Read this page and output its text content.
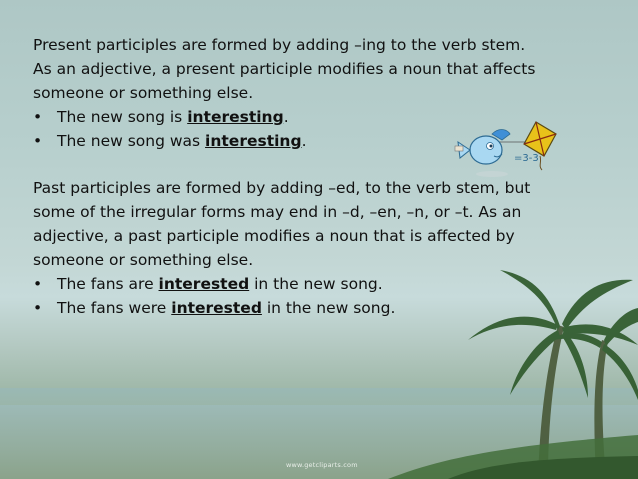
Present participles are formed by adding –ing to the verb stem.
As an adjective, a present participle modifies a noun that affects
someone or something else.
• The new song is interesting.
• The new song was interesting.
Past participles are formed by adding –ed, to the verb stem, but
some of the irregular forms may end in –d, –en, –n, or –t. As an
adjective, a past participle modifies a noun that is affected by
someone or something else.
• The fans are interested in the new song.
• The fans were interested in the new song.
=3-3
www.getcliparts.com
